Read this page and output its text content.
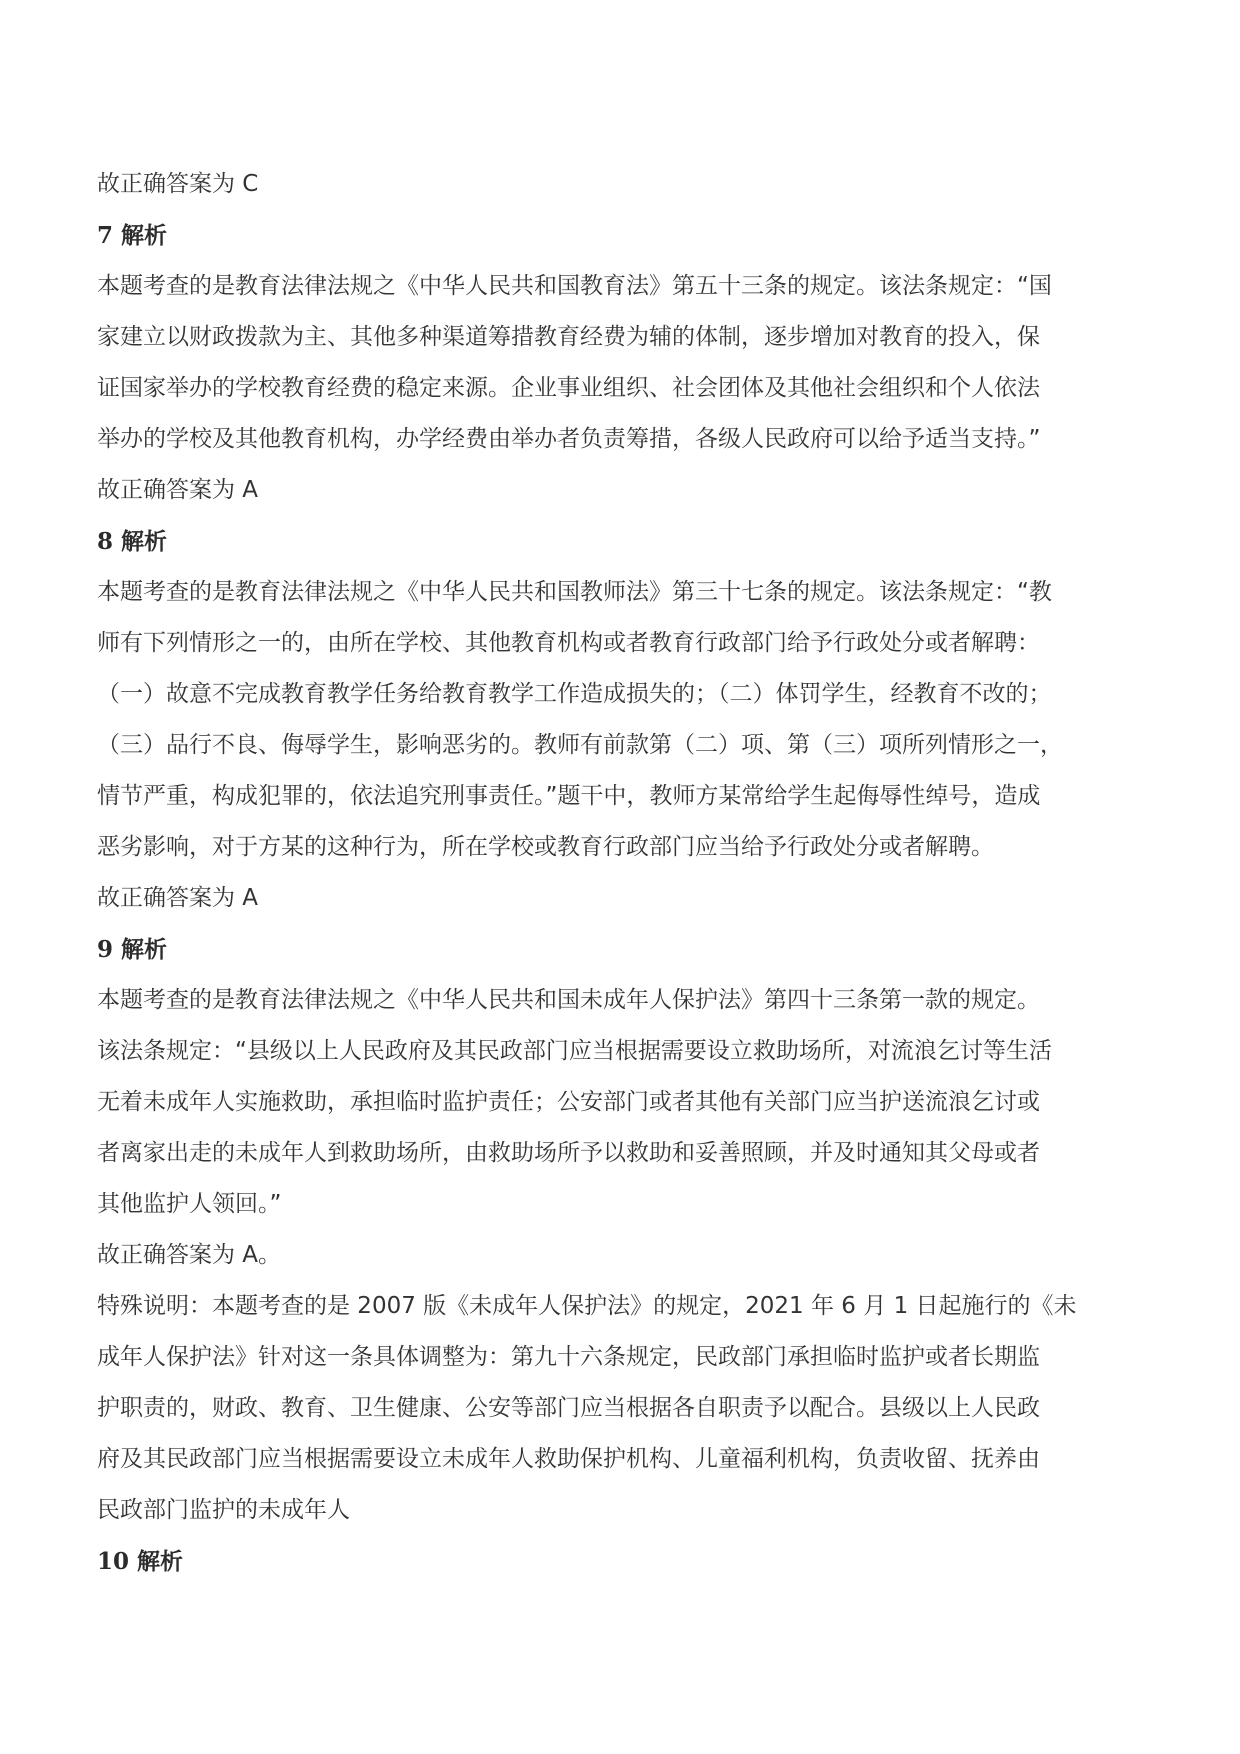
故正确答案为 C
7 解析
本题考查的是教育法律法规之《中华人民共和国教育法》第五十三条的规定。该法条规定：“国
家建立以财政拨款为主、其他多种渠道筹措教育经费为辅的体制，逐步增加对教育的投入，保
证国家举办的学校教育经费的稳定来源。企业事业组织、社会团体及其他社会组织和个人依法
举办的学校及其他教育机构，办学经费由举办者负责筹措，各级人民政府可以给予适当支持。”
故正确答案为 A
8 解析
本题考查的是教育法律法规之《中华人民共和国教师法》第三十七条的规定。该法条规定：“教
师有下列情形之一的，由所在学校、其他教育机构或者教育行政部门给予行政处分或者解聘：
（一）故意不完成教育教学任务给教育教学工作造成损失的；（二）体罚学生，经教育不改的；
（三）品行不良、侮辱学生，影响恶劣的。教师有前款第（二）项、第（三）项所列情形之一，
情节严重，构成犯罪的，依法追究刑事责任。”题干中，教师方某常给学生起侮辱性绰号，造成
恶劣影响，对于方某的这种行为，所在学校或教育行政部门应当给予行政处分或者解聘。
故正确答案为 A
9 解析
本题考查的是教育法律法规之《中华人民共和国未成年人保护法》第四十三条第一款的规定。
该法条规定：“县级以上人民政府及其民政部门应当根据需要设立救助场所，对流浪乞讨等生活
无着未成年人实施救助，承担临时监护责任；公安部门或者其他有关部门应当护送流浪乞讨或
者离家出走的未成年人到救助场所，由救助场所予以救助和妥善照顾，并及时通知其父母或者
其他监护人领回。”
故正确答案为 A。
特殊说明：本题考查的是 2007 版《未成年人保护法》的规定，2021 年 6 月 1 日起施行的《未
成年人保护法》针对这一条具体调整为：第九十六条规定，民政部门承担临时监护或者长期监
护职责的，财政、教育、卫生健康、公安等部门应当根据各自职责予以配合。县级以上人民政
府及其民政部门应当根据需要设立未成年人救助保护机构、儿童福利机构，负责收留、抚养由
民政部门监护的未成年人
10 解析
